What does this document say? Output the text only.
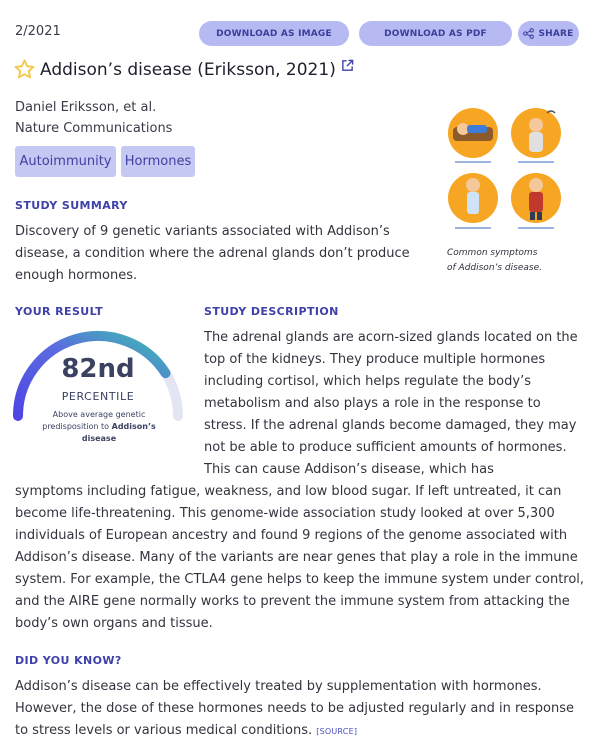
2/2021	DOWNLOAD AS IMAGE	DOWNLOAD AS PDF	SHARE
Addison’s disease (Eriksson, 2021)
Daniel Eriksson, et al.
Nature Communications
Autoimmunity	Hormones
STUDY SUMMARY
Discovery of 9 genetic variants associated with Addison’s disease, a condition where the adrenal glands don’t produce enough hormones.
Common symptoms
of Addison’s disease.
YOUR RESULT
82nd
PERCENTILE
Above average genetic predisposition to Addison’s disease
STUDY DESCRIPTION
The adrenal glands are acorn-sized glands located on the top of the kidneys. They produce multiple hormones including cortisol, which helps regulate the body’s metabolism and also plays a role in the response to stress. If the adrenal glands become damaged, they may not be able to produce sufficient amounts of hormones. This can cause Addison’s disease, which has
symptoms including fatigue, weakness, and low blood sugar. If left untreated, it can become life-threatening. This genome-wide association study looked at over 5,300 individuals of European ancestry and found 9 regions of the genome associated with Addison’s disease. Many of the variants are near genes that play a role in the immune system. For example, the CTLA4 gene helps to keep the immune system under control, and the AIRE gene normally works to prevent the immune system from attacking the body’s own organs and tissue.
DID YOU KNOW?
Addison’s disease can be effectively treated by supplementation with hormones. However, the dose of these hormones needs to be adjusted regularly and in response to stress levels or various medical conditions. [SOURCE]
